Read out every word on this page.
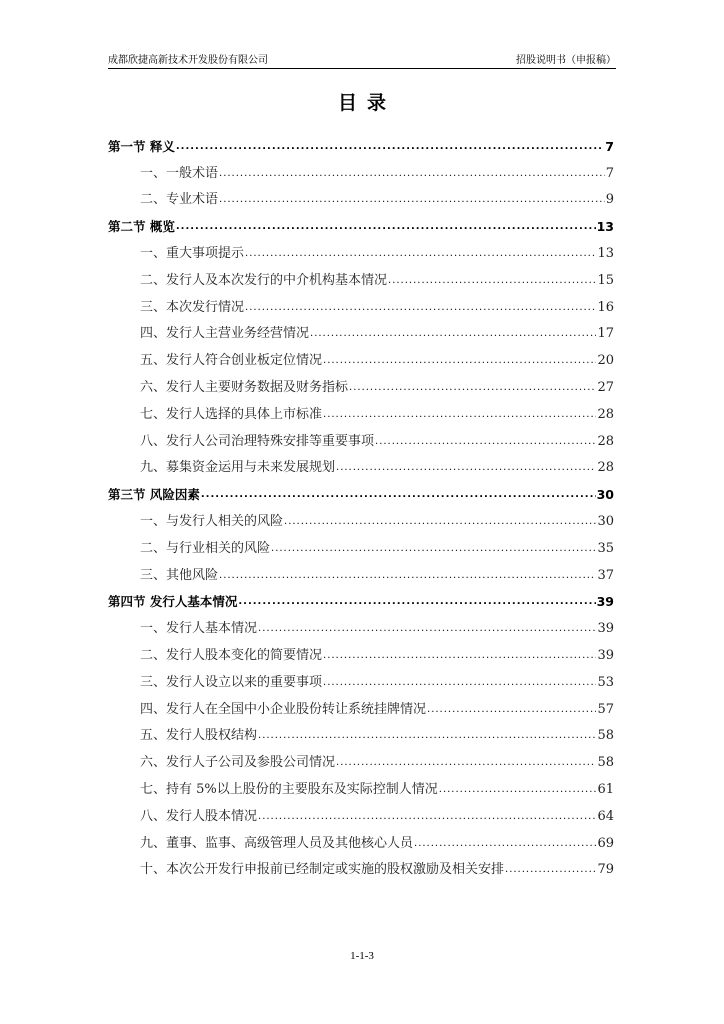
成都欣捷高新技术开发股份有限公司	招股说明书（申报稿）
目录
第一节 释义 .....	7
一、一般术语 .....	7
二、专业术语 .....	9
第二节 概览 .....	13
一、重大事项提示 .....	13
二、发行人及本次发行的中介机构基本情况 .....	15
三、本次发行情况 .....	16
四、发行人主营业务经营情况 .....	17
五、发行人符合创业板定位情况 .....	20
六、发行人主要财务数据及财务指标 .....	27
七、发行人选择的具体上市标准 .....	28
八、发行人公司治理特殊安排等重要事项 .....	28
九、募集资金运用与未来发展规划 .....	28
第三节 风险因素 .....	30
一、与发行人相关的风险 .....	30
二、与行业相关的风险 .....	35
三、其他风险 .....	37
第四节 发行人基本情况 .....	39
一、发行人基本情况 .....	39
二、发行人股本变化的简要情况 .....	39
三、发行人设立以来的重要事项 .....	53
四、发行人在全国中小企业股份转让系统挂牌情况 .....	57
五、发行人股权结构 .....	58
六、发行人子公司及参股公司情况 .....	58
七、持有 5%以上股份的主要股东及实际控制人情况 .....	61
八、发行人股本情况 .....	64
九、董事、监事、高级管理人员及其他核心人员 .....	69
十、本次公开发行申报前已经制定或实施的股权激励及相关安排 .....	79
1-1-3
